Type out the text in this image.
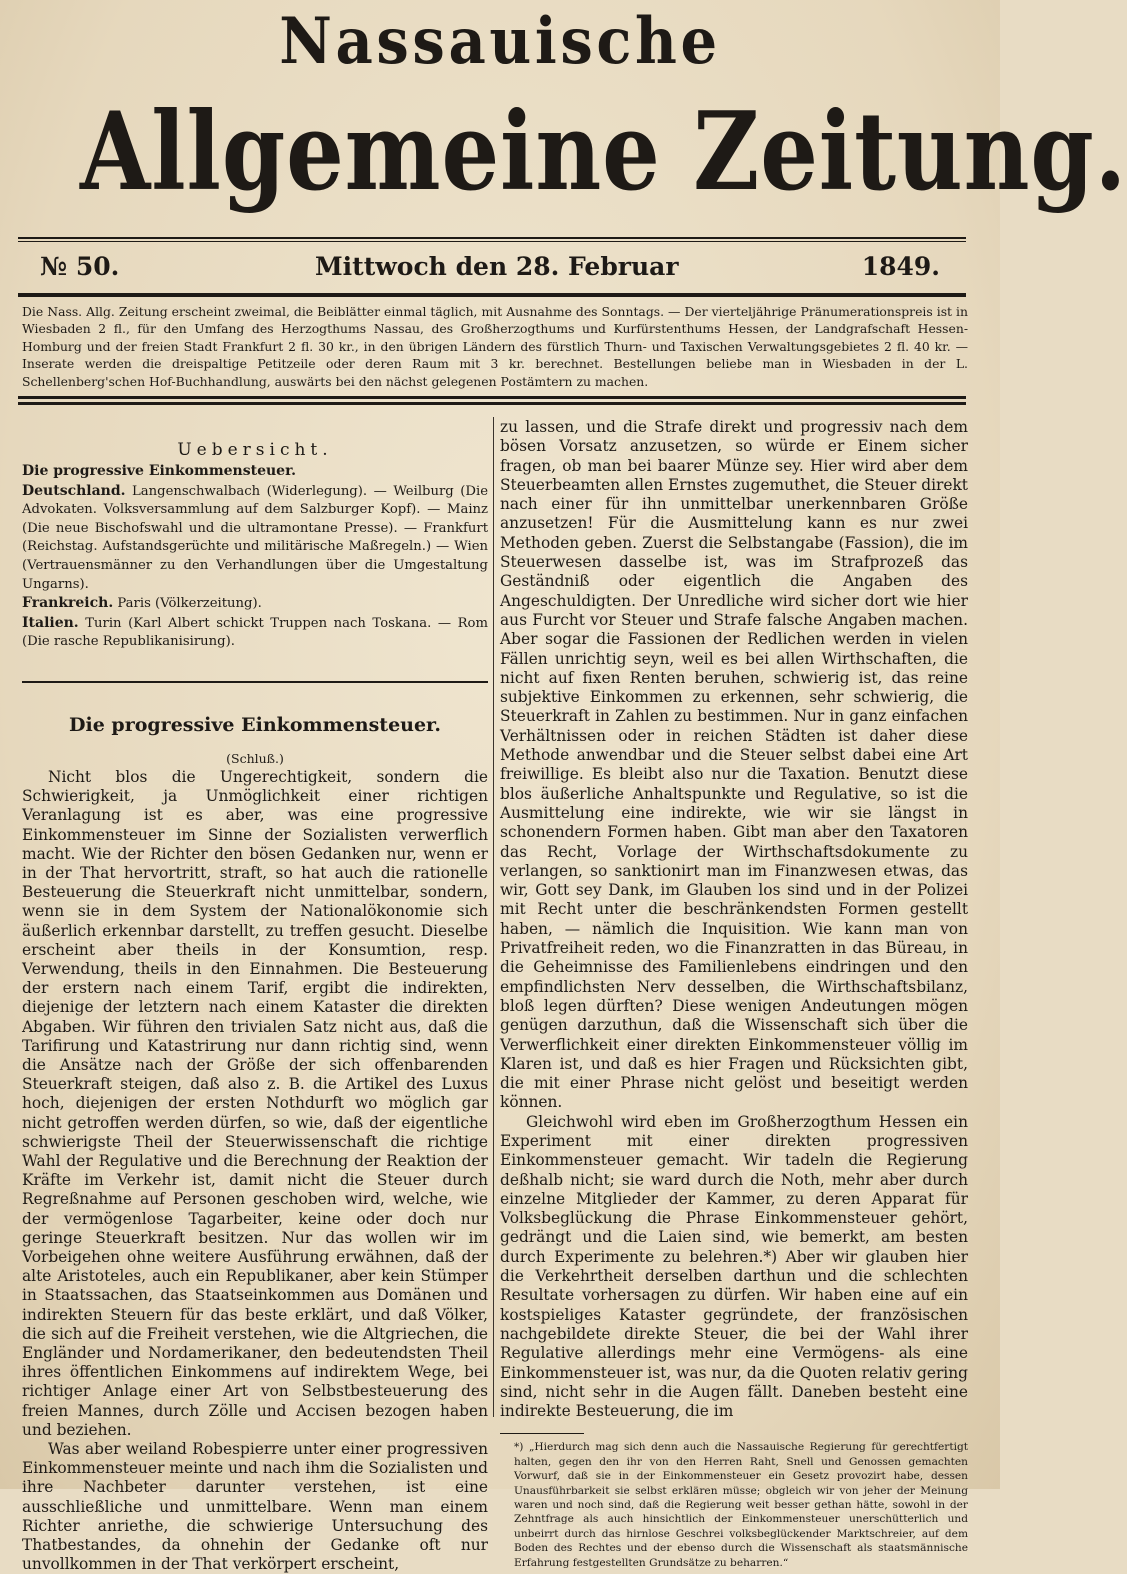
Nassauische
Allgemeine Zeitung.
№ 50.	Mittwoch den 28. Februar	1849.
Die Nass. Allg. Zeitung erscheint zweimal, die Beiblätter einmal täglich, mit Ausnahme des Sonntags. — Der vierteljährige Pränumerationspreis ist in Wiesbaden 2 fl., für den Umfang des Herzogthums Nassau, des Großherzogthums und Kurfürstenthums Hessen, der Landgrafschaft Hessen-Homburg und der freien Stadt Frankfurt 2 fl. 30 kr., in den übrigen Ländern des fürstlich Thurn- und Taxischen Verwaltungsgebietes 2 fl. 40 kr. — Inserate werden die dreispaltige Petitzeile oder deren Raum mit 3 kr. berechnet. Bestellungen beliebe man in Wiesbaden in der L. Schellenberg'schen Hof-Buchhandlung, auswärts bei den nächst gelegenen Postämtern zu machen.

Uebersicht.

Die progressive Einkommensteuer.

Deutschland. Langenschwalbach (Widerlegung). — Weilburg (Die Advokaten. Volksversammlung auf dem Salzburger Kopf). — Mainz (Die neue Bischofswahl und die ultramontane Presse). — Frankfurt (Reichstag. Aufstandsgerüchte und militärische Maßregeln.) — Wien (Vertrauensmänner zu den Verhandlungen über die Umgestaltung Ungarns).

Frankreich. Paris (Völkerzeitung).

Italien. Turin (Karl Albert schickt Truppen nach Toskana. — Rom (Die rasche Republikanisirung).

Die progressive Einkommensteuer.

(Schluß.)

Nicht blos die Ungerechtigkeit, sondern die Schwierigkeit, ja Unmöglichkeit einer richtigen Veranlagung ist es aber, was eine progressive Einkommensteuer im Sinne der Sozialisten verwerflich macht. Wie der Richter den bösen Gedanken nur, wenn er in der That hervortritt, straft, so hat auch die rationelle Besteuerung die Steuerkraft nicht unmittelbar, sondern, wenn sie in dem System der Nationalökonomie sich äußerlich erkennbar darstellt, zu treffen gesucht. Dieselbe erscheint aber theils in der Konsumtion, resp. Verwendung, theils in den Einnahmen. Die Besteuerung der erstern nach einem Tarif, ergibt die indirekten, diejenige der letztern nach einem Kataster die direkten Abgaben. Wir führen den trivialen Satz nicht aus, daß die Tarifirung und Katastrirung nur dann richtig sind, wenn die Ansätze nach der Größe der sich offenbarenden Steuerkraft steigen, daß also z. B. die Artikel des Luxus hoch, diejenigen der ersten Nothdurft wo möglich gar nicht getroffen werden dürfen, so wie, daß der eigentliche schwierigste Theil der Steuerwissenschaft die richtige Wahl der Regulative und die Berechnung der Reaktion der Kräfte im Verkehr ist, damit nicht die Steuer durch Regreßnahme auf Personen geschoben wird, welche, wie der vermögenlose Tagarbeiter, keine oder doch nur geringe Steuerkraft besitzen. Nur das wollen wir im Vorbeigehen ohne weitere Ausführung erwähnen, daß der alte Aristoteles, auch ein Republikaner, aber kein Stümper in Staatssachen, das Staatseinkommen aus Domänen und indirekten Steuern für das beste erklärt, und daß Völker, die sich auf die Freiheit verstehen, wie die Altgriechen, die Engländer und Nordamerikaner, den bedeutendsten Theil ihres öffentlichen Einkommens auf indirektem Wege, bei richtiger Anlage einer Art von Selbstbesteuerung des freien Mannes, durch Zölle und Accisen bezogen haben und beziehen.

Was aber weiland Robespierre unter einer progressiven Einkommensteuer meinte und nach ihm die Sozialisten und ihre Nachbeter darunter verstehen, ist eine ausschließliche und unmittelbare. Wenn man einem Richter anriethe, die schwierige Untersuchung des Thatbestandes, da ohnehin der Gedanke oft nur unvollkommen in der That verkörpert erscheint,

zu lassen, und die Strafe direkt und progressiv nach dem bösen Vorsatz anzusetzen, so würde er Einem sicher fragen, ob man bei baarer Münze sey. Hier wird aber dem Steuerbeamten allen Ernstes zugemuthet, die Steuer direkt nach einer für ihn unmittelbar unerkennbaren Größe anzusetzen! Für die Ausmittelung kann es nur zwei Methoden geben. Zuerst die Selbstangabe (Fassion), die im Steuerwesen dasselbe ist, was im Strafprozeß das Geständniß oder eigentlich die Angaben des Angeschuldigten. Der Unredliche wird sicher dort wie hier aus Furcht vor Steuer und Strafe falsche Angaben machen. Aber sogar die Fassionen der Redlichen werden in vielen Fällen unrichtig seyn, weil es bei allen Wirthschaften, die nicht auf fixen Renten beruhen, schwierig ist, das reine subjektive Einkommen zu erkennen, sehr schwierig, die Steuerkraft in Zahlen zu bestimmen. Nur in ganz einfachen Verhältnissen oder in reichen Städten ist daher diese Methode anwendbar und die Steuer selbst dabei eine Art freiwillige. Es bleibt also nur die Taxation. Benutzt diese blos äußerliche Anhaltspunkte und Regulative, so ist die Ausmittelung eine indirekte, wie wir sie längst in schonendern Formen haben. Gibt man aber den Taxatoren das Recht, Vorlage der Wirthschaftsdokumente zu verlangen, so sanktionirt man im Finanzwesen etwas, das wir, Gott sey Dank, im Glauben los sind und in der Polizei mit Recht unter die beschränkendsten Formen gestellt haben, — nämlich die Inquisition. Wie kann man von Privatfreiheit reden, wo die Finanzratten in das Büreau, in die Geheimnisse des Familienlebens eindringen und den empfindlichsten Nerv desselben, die Wirthschaftsbilanz, bloß legen dürften? Diese wenigen Andeutungen mögen genügen darzuthun, daß die Wissenschaft sich über die Verwerflichkeit einer direkten Einkommensteuer völlig im Klaren ist, und daß es hier Fragen und Rücksichten gibt, die mit einer Phrase nicht gelöst und beseitigt werden können.

Gleichwohl wird eben im Großherzogthum Hessen ein Experiment mit einer direkten progressiven Einkommensteuer gemacht. Wir tadeln die Regierung deßhalb nicht; sie ward durch die Noth, mehr aber durch einzelne Mitglieder der Kammer, zu deren Apparat für Volksbeglückung die Phrase Einkommensteuer gehört, gedrängt und die Laien sind, wie bemerkt, am besten durch Experimente zu belehren.*) Aber wir glauben hier die Verkehrtheit derselben darthun und die schlechten Resultate vorhersagen zu dürfen. Wir haben eine auf ein kostspieliges Kataster gegründete, der französischen nachgebildete direkte Steuer, die bei der Wahl ihrer Regulative allerdings mehr eine Vermögens- als eine Einkommensteuer ist, was nur, da die Quoten relativ gering sind, nicht sehr in die Augen fällt. Daneben besteht eine indirekte Besteuerung, die im

*) „Hierdurch mag sich denn auch die Nassauische Regierung für gerechtfertigt halten, gegen den ihr von den Herren Raht, Snell und Genossen gemachten Vorwurf, daß sie in der Einkommensteuer ein Gesetz provozirt habe, dessen Unausführbarkeit sie selbst erklären müsse; obgleich wir von jeher der Meinung waren und noch sind, daß die Regierung weit besser gethan hätte, sowohl in der Zehntfrage als auch hinsichtlich der Einkommensteuer unerschütterlich und unbeirrt durch das hirnlose Geschrei volksbeglückender Marktschreier, auf dem Boden des Rechtes und der ebenso durch die Wissenschaft als staatsmännische Erfahrung festgestellten Grundsätze zu beharren.“
